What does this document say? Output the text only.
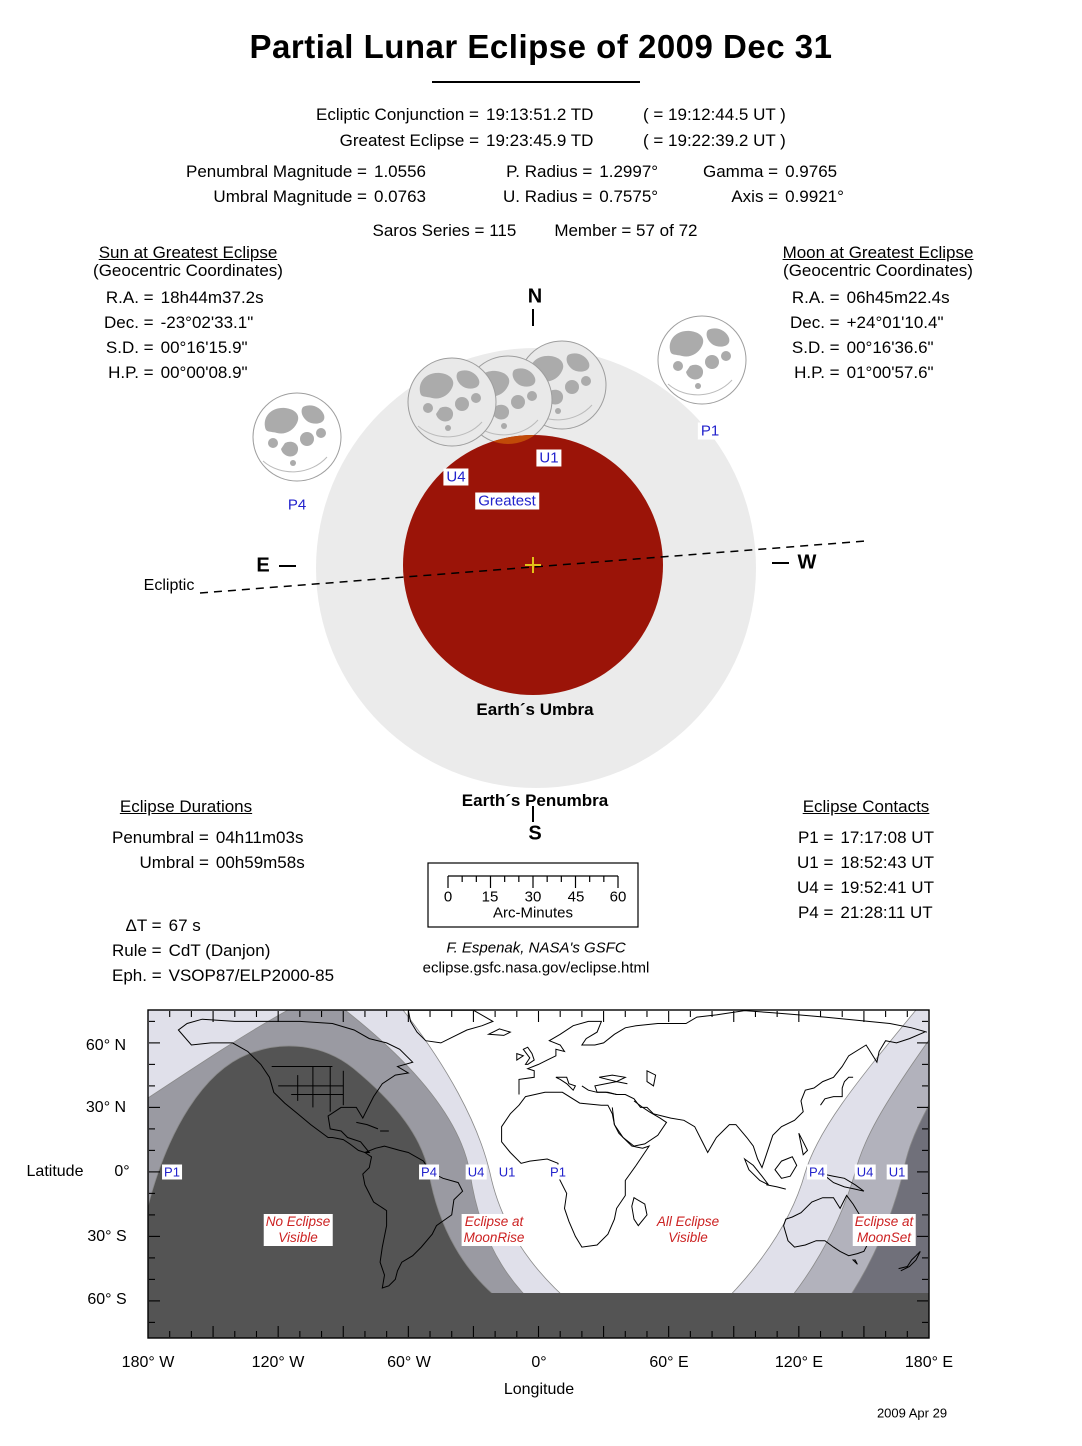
Partial Lunar Eclipse of 2009 Dec 31
Ecliptic Conjunction = 19:13:51.2 TD	( = 19:12:44.5 UT )
Greatest Eclipse = 19:23:45.9 TD	( = 19:22:39.2 UT )
Penumbral Magnitude = 1.0556
Umbral Magnitude = 0.0763
P. Radius = 1.2997°
U. Radius = 0.7575°
Gamma = 0.9765
Axis = 0.9921°
Saros Series = 115 Member = 57 of 72
Sun at Greatest Eclipse
(Geocentric Coordinates)
R.A. = 18h44m37.2s
Dec. = -23°02'33.1"
S.D. = 00°16'15.9"
H.P. = 00°00'08.9"
Moon at Greatest Eclipse
(Geocentric Coordinates)
R.A. = 06h45m22.4s
Dec. = +24°01'10.4"
S.D. = 00°16'36.6"
H.P. = 01°00'57.6"
N
S
E	W
Ecliptic
Earth´s Umbra
Earth´s Penumbra
U1
U4
Greatest
P1
P4
Eclipse Durations
Penumbral = 04h11m03s
Umbral = 00h59m58s
Eclipse Contacts
P1 = 17:17:08 UT
U1 = 18:52:43 UT
U4 = 19:52:41 UT
P4 = 21:28:11 UT
ΔT = 67 s
Rule = CdT (Danjon)
Eph. = VSOP87/ELP2000-85
0 15 30 45 60
Arc-Minutes
F. Espenak, NASA's GSFC
eclipse.gsfc.nasa.gov/eclipse.html
Latitude
60° N
30° N
0°
30° S
60° S
180° W	120° W	60° W	0°	60° E	120° E	180° E
Longitude
P1	P4 U4 U1	P1	P4 U4 U1
No Eclipse
Visible
Eclipse at
MoonRise
All Eclipse
Visible
Eclipse at
MoonSet
2009 Apr 29
